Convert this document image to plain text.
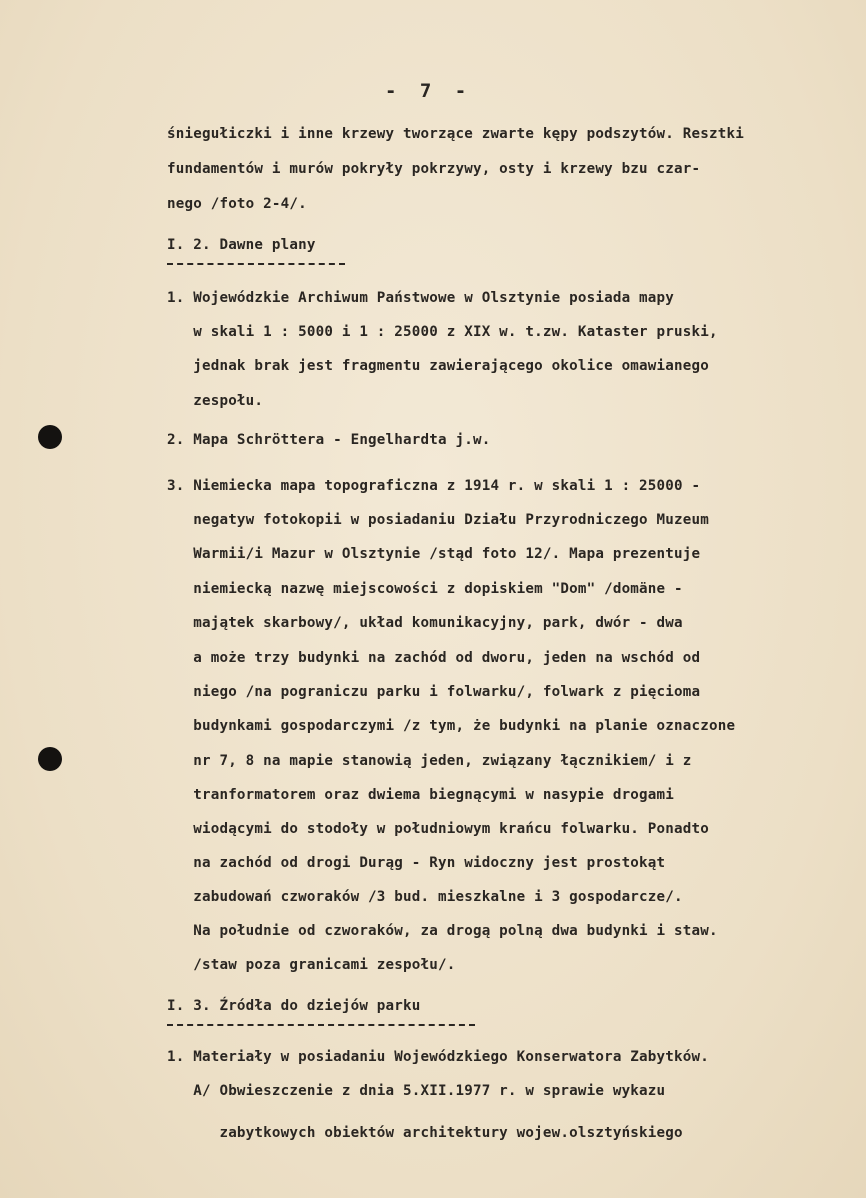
- 7 -
śniegułiczki i inne krzewy tworzące zwarte kępy podszytów. Resztki
fundamentów i murów pokryły pokrzywy, osty i krzewy bzu czar-
nego /foto 2-4/.
I. 2. Dawne plany
1. Wojewódzkie Archiwum Państwowe w Olsztynie posiada mapy
w skali 1 : 5000 i 1 : 25000 z XIX w. t.zw. Kataster pruski,
jednak brak jest fragmentu zawierającego okolice omawianego
zespołu.
2. Mapa Schröttera - Engelhardta j.w.
3. Niemiecka mapa topograficzna z 1914 r. w skali 1 : 25000 -
negatyw fotokopii w posiadaniu Działu Przyrodniczego Muzeum
Warmii/i Mazur w Olsztynie /stąd foto 12/. Mapa prezentuje
niemiecką nazwę miejscowości z dopiskiem "Dom" /domäne -
majątek skarbowy/, układ komunikacyjny, park, dwór - dwa
a może trzy budynki na zachód od dworu, jeden na wschód od
niego /na pograniczu parku i folwarku/, folwark z pięcioma
budynkami gospodarczymi /z tym, że budynki na planie oznaczone
nr 7, 8 na mapie stanowią jeden, związany łącznikiem/ i z
tranformatorem oraz dwiema biegnącymi w nasypie drogami
wiodącymi do stodoły w południowym krańcu folwarku. Ponadto
na zachód od drogi Durąg - Ryn widoczny jest prostokąt
zabudowań czworaków /3 bud. mieszkalne i 3 gospodarcze/.
Na południe od czworaków, za drogą polną dwa budynki i staw.
/staw poza granicami zespołu/.
I. 3. Źródła do dziejów parku
1. Materiały w posiadaniu Wojewódzkiego Konserwatora Zabytków.
A/ Obwieszczenie z dnia 5.XII.1977 r. w sprawie wykazu
zabytkowych obiektów architektury wojew.olsztyńskiego
